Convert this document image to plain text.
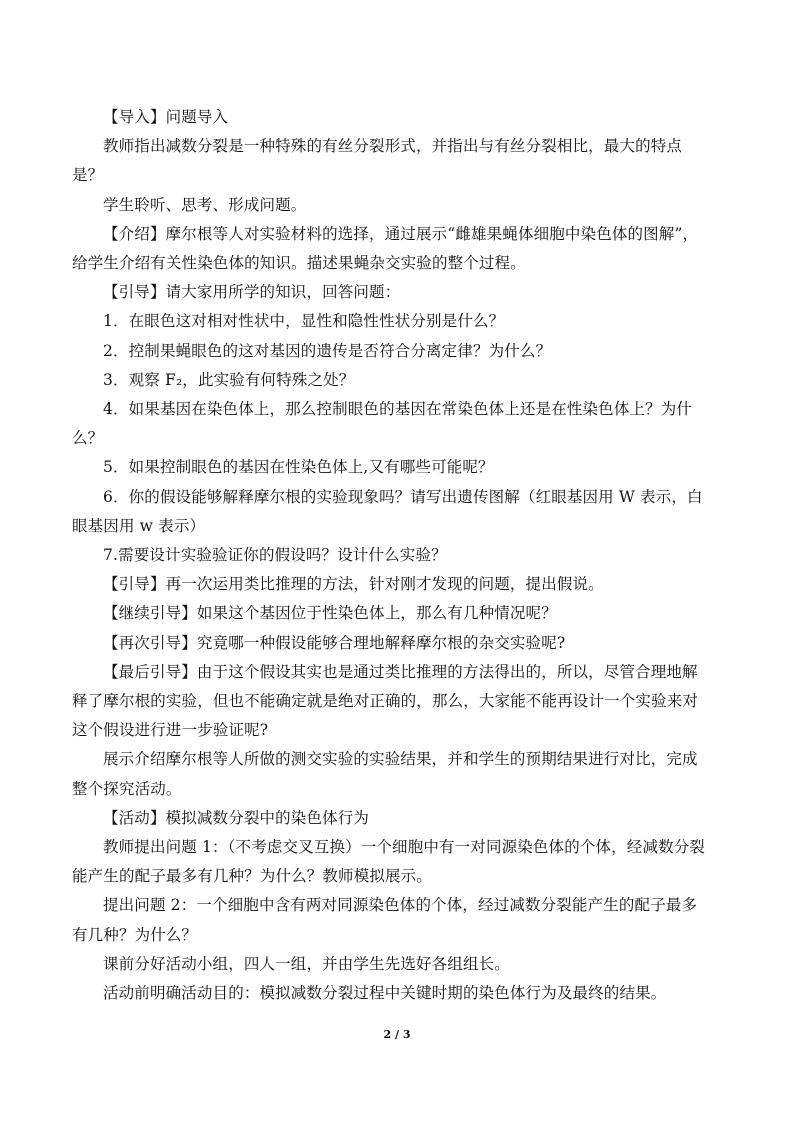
【导入】问题导入

教师指出减数分裂是一种特殊的有丝分裂形式，并指出与有丝分裂相比，最大的特点是？

学生聆听、思考、形成问题。

【介绍】摩尔根等人对实验材料的选择，通过展示“雌雄果蝇体细胞中染色体的图解”，给学生介绍有关性染色体的知识。描述果蝇杂交实验的整个过程。

【引导】请大家用所学的知识，回答问题：

1．在眼色这对相对性状中，显性和隐性性状分别是什么？

2．控制果蝇眼色的这对基因的遗传是否符合分离定律？为什么？

3．观察 F₂，此实验有何特殊之处？

4．如果基因在染色体上，那么控制眼色的基因在常染色体上还是在性染色体上？为什么？

5．如果控制眼色的基因在性染色体上,又有哪些可能呢？

6．你的假设能够解释摩尔根的实验现象吗？请写出遗传图解（红眼基因用 W 表示，白眼基因用 w 表示）

7.需要设计实验验证你的假设吗？设计什么实验？

【引导】再一次运用类比推理的方法，针对刚才发现的问题，提出假说。

【继续引导】如果这个基因位于性染色体上，那么有几种情况呢？

【再次引导】究竟哪一种假设能够合理地解释摩尔根的杂交实验呢?

【最后引导】由于这个假设其实也是通过类比推理的方法得出的，所以，尽管合理地解释了摩尔根的实验，但也不能确定就是绝对正确的，那么，大家能不能再设计一个实验来对这个假设进行进一步验证呢?

展示介绍摩尔根等人所做的测交实验的实验结果，并和学生的预期结果进行对比，完成整个探究活动。

【活动】模拟减数分裂中的染色体行为

教师提出问题 1：（不考虑交叉互换）一个细胞中有一对同源染色体的个体，经减数分裂能产生的配子最多有几种？为什么？教师模拟展示。

提出问题 2：一个细胞中含有两对同源染色体的个体，经过减数分裂能产生的配子最多有几种？为什么？

课前分好活动小组，四人一组，并由学生先选好各组组长。

活动前明确活动目的：模拟减数分裂过程中关键时期的染色体行为及最终的结果。

2 / 3
